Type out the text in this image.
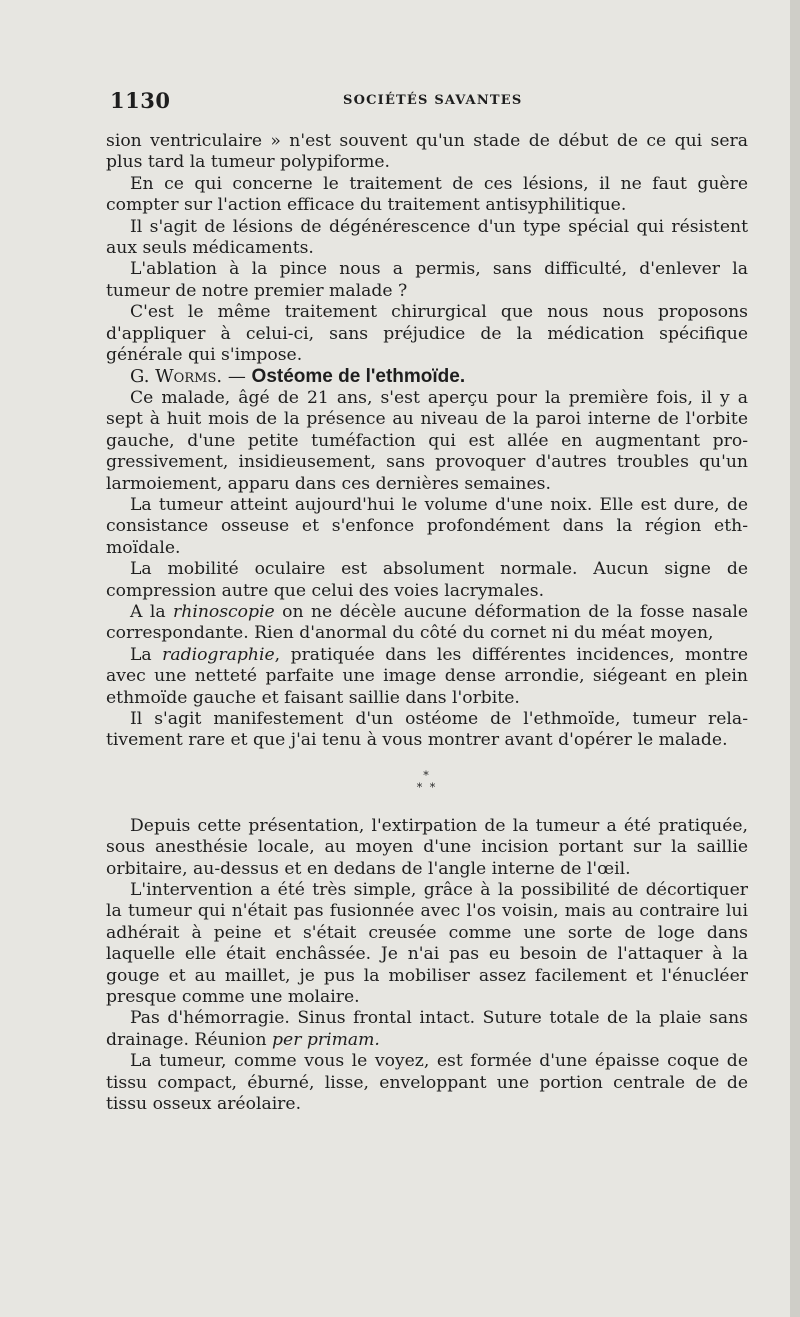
1130	SOCIÉTÉS SAVANTES

sion ventriculaire » n'est souvent qu'un stade de début de ce qui sera plus tard la tumeur polypiforme.

En ce qui concerne le traitement de ces lésions, il ne faut guère compter sur l'action efficace du traitement antisyphilitique.

Il s'agit de lésions de dégénérescence d'un type spécial qui résistent aux seuls médicaments.

L'ablation à la pince nous a permis, sans difficulté, d'enlever la tumeur de notre premier malade ?

C'est le même traitement chirurgical que nous nous proposons d'appliquer à celui-ci, sans préjudice de la médication spécifique générale qui s'impose.

G. Worms. — Ostéome de l'ethmoïde.

Ce malade, âgé de 21 ans, s'est aperçu pour la première fois, il y a sept à huit mois de la présence au niveau de la paroi interne de l'orbite gauche, d'une petite tuméfaction qui est allée en augmentant progressivement, insidieusement, sans provoquer d'autres troubles qu'un larmoiement, apparu dans ces dernières semaines.

La tumeur atteint aujourd'hui le volume d'une noix. Elle est dure, de consistance osseuse et s'enfonce profondément dans la région ethmoïdale.

La mobilité oculaire est absolument normale. Aucun signe de compression autre que celui des voies lacrymales.

A la rhinoscopie on ne décèle aucune déformation de la fosse nasale correspondante. Rien d'anormal du côté du cornet ni du méat moyen,

La radiographie, pratiquée dans les différentes incidences, montre avec une netteté parfaite une image dense arrondie, siégeant en plein ethmoïde gauche et faisant saillie dans l'orbite.

Il s'agit manifestement d'un ostéome de l'ethmoïde, tumeur relativement rare et que j'ai tenu à vous montrer avant d'opérer le malade.

*
* *

Depuis cette présentation, l'extirpation de la tumeur a été pratiquée, sous anesthésie locale, au moyen d'une incision portant sur la saillie orbitaire, au-dessus et en dedans de l'angle interne de l'œil.

L'intervention a été très simple, grâce à la possibilité de décortiquer la tumeur qui n'était pas fusionnée avec l'os voisin, mais au contraire lui adhérait à peine et s'était creusée comme une sorte de loge dans laquelle elle était enchâssée. Je n'ai pas eu besoin de l'attaquer à la gouge et au maillet, je pus la mobiliser assez facilement et l'énucléer presque comme une molaire.

Pas d'hémorragie. Sinus frontal intact. Suture totale de la plaie sans drainage. Réunion per primam.

La tumeur, comme vous le voyez, est formée d'une épaisse coque de tissu compact, éburné, lisse, enveloppant une portion centrale de de tissu osseux aréolaire.
